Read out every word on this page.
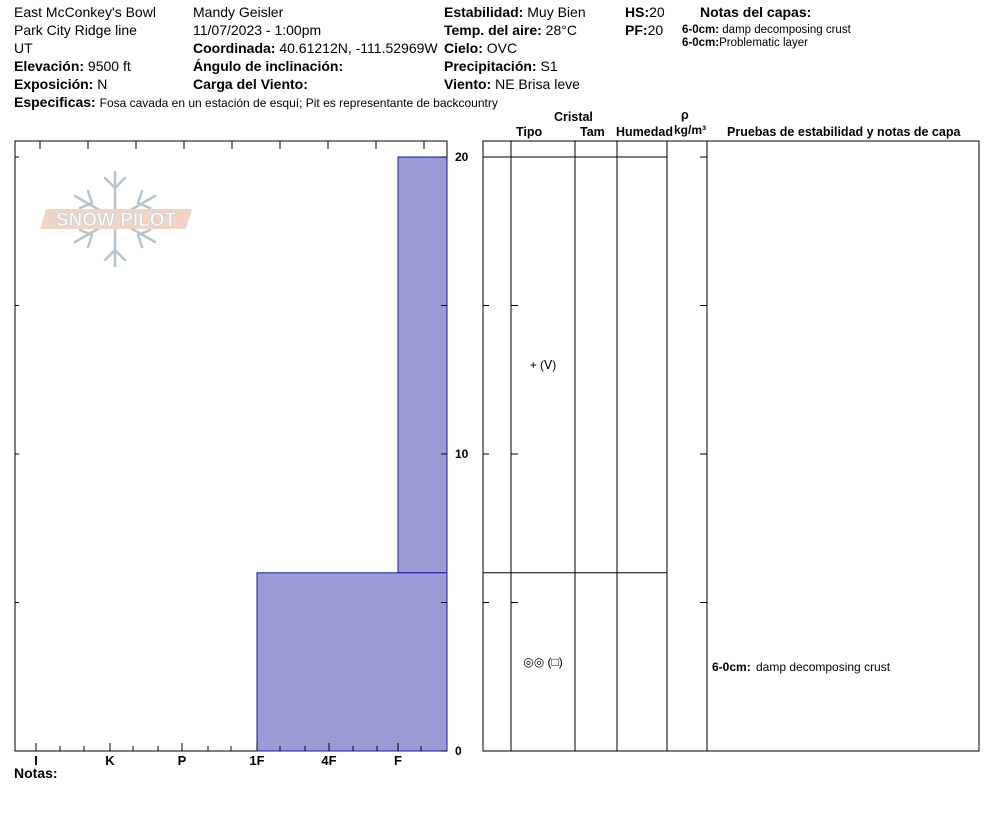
East McConkey's Bowl
Park City Ridge line
UT
Elevación: 9500 ft
Exposición: N
Especificas: Fosa cavada en un estación de esquí; Pit es representante de backcountry
Mandy Geisler
11/07/2023 - 1:00pm
Coordinada: 40.61212N, -111.52969W
Ángulo de inclinación:
Carga del Viento:
Estabilidad: Muy Bien
Temp. del aire: 28°C
Cielo: OVC
Precipitación: S1
Viento: NE Brisa leve
HS:20
PF:20
Notas del capas:
6-0cm: damp decomposing crust
6-0cm:Problematic layer
Cristal
Tipo	Tam Humedad
ρ
kg/m³ Pruebas de estabilidad y notas de capa
SNOW PILOT
I	K	P	1F	4F	F
0
10
20
+ (ⴸ)
◎◎ (□)	6-0cm: damp decomposing crust
Notas:
